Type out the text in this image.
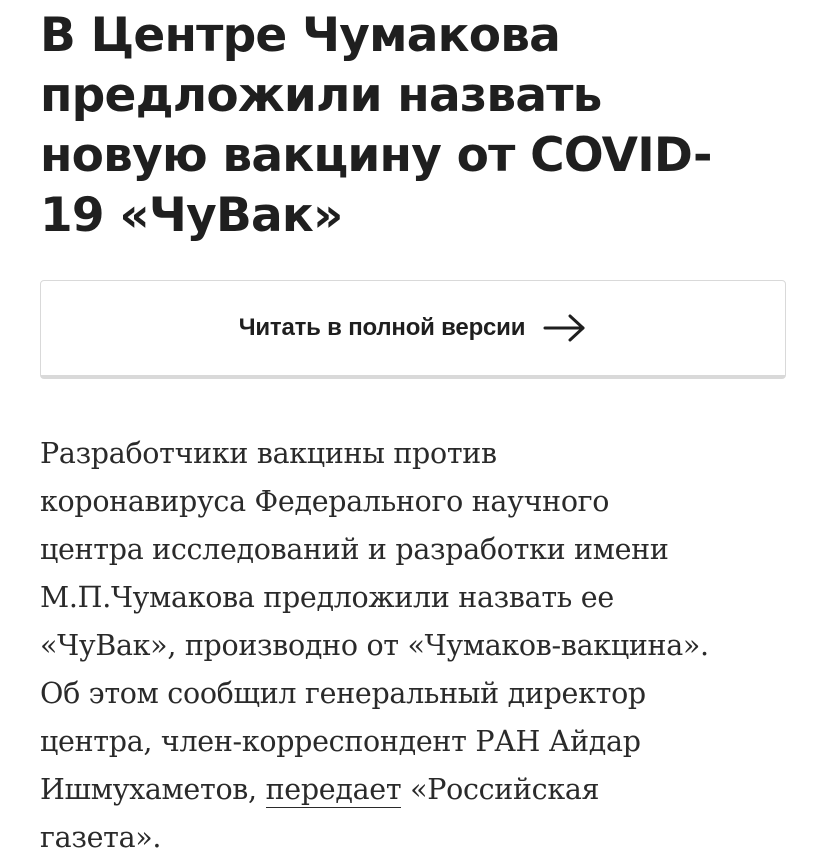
В Центре Чумакова
предложили назвать
новую вакцину от COVID-
19 «ЧуВак»
Читать в полной версии
Разработчики вакцины против
коронавируса Федерального научного
центра исследований и разработки имени
М.П.Чумакова предложили назвать ее
«ЧуВак», производно от «Чумаков-вакцина».
Об этом сообщил генеральный директор
центра, член-корреспондент РАН Айдар
Ишмухаметов, передает «Российская
газета».
